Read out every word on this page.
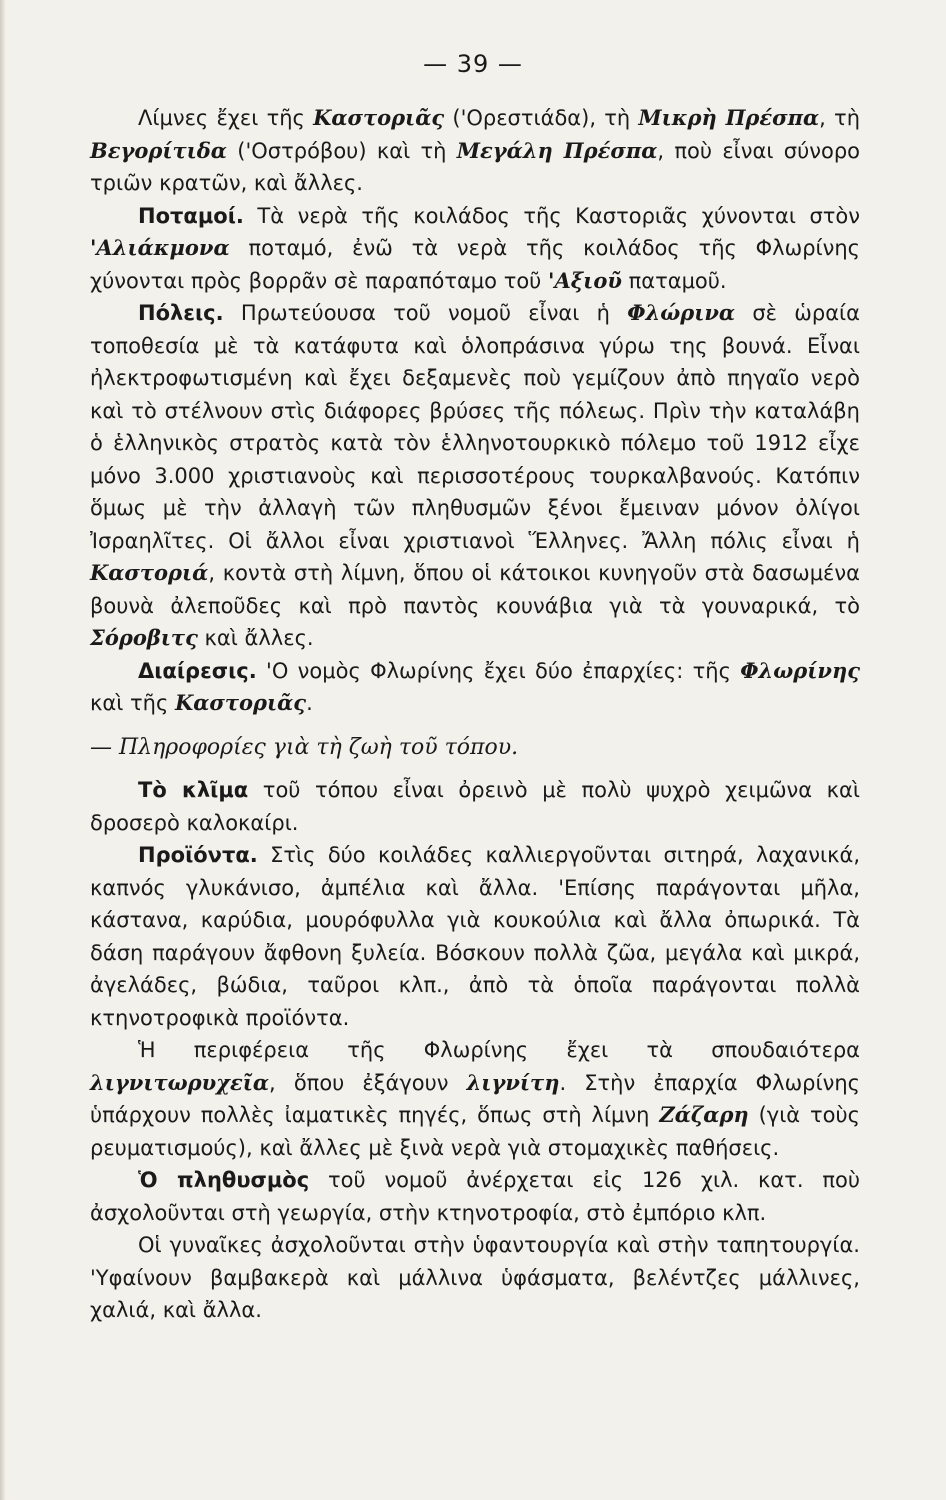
— 39 —

Λίμνες ἔχει τῆς Καστοριᾶς ('Ορεστιάδα), τὴ Μικρὴ Πρέσπα, τὴ Βεγορίτιδα ('Οστρόβου) καὶ τὴ Μεγάλη Πρέσπα, ποὺ εἶναι σύνορο τριῶν κρατῶν, καὶ ἄλλες.

Ποταμοί. Τὰ νερὰ τῆς κοιλάδος τῆς Καστοριᾶς χύνονται στὸν 'Αλιάκμονα ποταμό, ἐνῶ τὰ νερὰ τῆς κοιλάδος τῆς Φλωρίνης χύνονται πρὸς βορρᾶν σὲ παραπόταμο τοῦ 'Αξιοῦ παταμοῦ.

Πόλεις. Πρωτεύουσα τοῦ νομοῦ εἶναι ἡ Φλώρινα σὲ ὡραία τοποθεσία μὲ τὰ κατάφυτα καὶ ὁλοπράσινα γύρω της βουνά. Εἶναι ἠλεκτροφωτισμένη καὶ ἔχει δεξαμενὲς ποὺ γεμίζουν ἀπὸ πηγαῖο νερὸ καὶ τὸ στέλνουν στὶς διάφορες βρύσες τῆς πόλεως. Πρὶν τὴν καταλάβη ὁ ἑλληνικὸς στρατὸς κατὰ τὸν ἑλληνοτουρκικὸ πόλεμο τοῦ 1912 εἶχε μόνο 3.000 χριστιανοὺς καὶ περισσοτέρους τουρκαλβανούς. Κατόπιν ὅμως μὲ τὴν ἀλλαγὴ τῶν πληθυσμῶν ξένοι ἔμειναν μόνον ὀλίγοι Ἰσραηλῖτες. Οἱ ἄλλοι εἶναι χριστιανοὶ Ἕλληνες. Ἄλλη πόλις εἶναι ἡ Καστοριά, κοντὰ στὴ λίμνη, ὅπου οἱ κάτοικοι κυνηγοῦν στὰ δασωμένα βουνὰ ἀλεποῦδες καὶ πρὸ παντὸς κουνάβια γιὰ τὰ γουναρικά, τὸ Σόροβιτς καὶ ἄλλες.

Διαίρεσις. 'Ο νομὸς Φλωρίνης ἔχει δύο ἐπαρχίες: τῆς Φλωρίνης καὶ τῆς Καστοριᾶς.

— Πληροφορίες γιὰ τὴ ζωὴ τοῦ τόπου.

Τὸ κλῖμα τοῦ τόπου εἶναι ὀρεινὸ μὲ πολὺ ψυχρὸ χειμῶνα καὶ δροσερὸ καλοκαίρι.

Προϊόντα. Στὶς δύο κοιλάδες καλλιεργοῦνται σιτηρά, λαχανικά, καπνός γλυκάνισο, ἀμπέλια καὶ ἄλλα. 'Επίσης παράγονται μῆλα, κάστανα, καρύδια, μουρόφυλλα γιὰ κουκούλια καὶ ἄλλα ὀπωρικά. Τὰ δάση παράγουν ἄφθονη ξυλεία. Βόσκουν πολλὰ ζῶα, μεγάλα καὶ μικρά, ἀγελάδες, βώδια, ταῦροι κλπ., ἀπὸ τὰ ὁποῖα παράγονται πολλὰ κτηνοτροφικὰ προϊόντα.

Ἡ περιφέρεια τῆς Φλωρίνης ἔχει τὰ σπουδαιότερα λιγνιτωρυχεῖα, ὅπου ἐξάγουν λιγνίτη. Στὴν ἐπαρχία Φλωρίνης ὑπάρχουν πολλὲς ἰαματικὲς πηγές, ὅπως στὴ λίμνη Ζάζαρη (γιὰ τοὺς ρευματισμούς), καὶ ἄλλες μὲ ξινὰ νερὰ γιὰ στομαχικὲς παθήσεις.

Ὁ πληθυσμὸς τοῦ νομοῦ ἀνέρχεται εἰς 126 χιλ. κατ. ποὺ ἀσχολοῦνται στὴ γεωργία, στὴν κτηνοτροφία, στὸ ἐμπόριο κλπ.

Οἱ γυναῖκες ἀσχολοῦνται στὴν ὑφαντουργία καὶ στὴν ταπητουργία. 'Υφαίνουν βαμβακερὰ καὶ μάλλινα ὑφάσματα, βελέντζες μάλλινες, χαλιά, καὶ ἄλλα.
